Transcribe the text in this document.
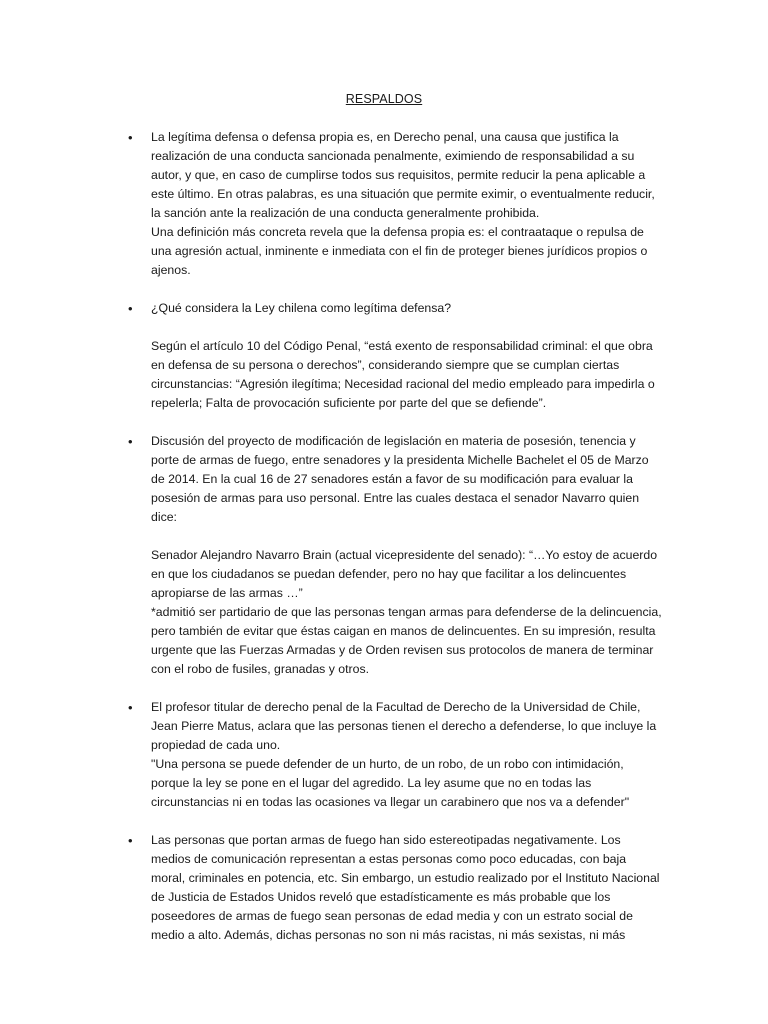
RESPALDOS
• La legítima defensa o defensa propia es, en Derecho penal, una causa que justifica la realización de una conducta sancionada penalmente, eximiendo de responsabilidad a su autor, y que, en caso de cumplirse todos sus requisitos, permite reducir la pena aplicable a este último. En otras palabras, es una situación que permite eximir, o eventualmente reducir, la sanción ante la realización de una conducta generalmente prohibida.

Una definición más concreta revela que la defensa propia es: el contraataque o repulsa de una agresión actual, inminente e inmediata con el fin de proteger bienes jurídicos propios o ajenos.

• ¿Qué considera la Ley chilena como legítima defensa?

Según el artículo 10 del Código Penal, “está exento de responsabilidad criminal: el que obra en defensa de su persona o derechos”, considerando siempre que se cumplan ciertas circunstancias: “Agresión ilegítima; Necesidad racional del medio empleado para impedirla o repelerla; Falta de provocación suficiente por parte del que se defiende”.

• Discusión del proyecto de modificación de legislación en materia de posesión, tenencia y porte de armas de fuego, entre senadores y la presidenta Michelle Bachelet el 05 de Marzo de 2014. En la cual 16 de 27 senadores están a favor de su modificación para evaluar la posesión de armas para uso personal. Entre las cuales destaca el senador Navarro quien dice:

Senador Alejandro Navarro Brain (actual vicepresidente del senado): “…Yo estoy de acuerdo en que los ciudadanos se puedan defender, pero no hay que facilitar a los delincuentes apropiarse de las armas …”

*admitió ser partidario de que las personas tengan armas para defenderse de la delincuencia, pero también de evitar que éstas caigan en manos de delincuentes. En su impresión, resulta urgente que las Fuerzas Armadas y de Orden revisen sus protocolos de manera de terminar con el robo de fusiles, granadas y otros.

• El profesor titular de derecho penal de la Facultad de Derecho de la Universidad de Chile, Jean Pierre Matus, aclara que las personas tienen el derecho a defenderse, lo que incluye la propiedad de cada uno.

"Una persona se puede defender de un hurto, de un robo, de un robo con intimidación, porque la ley se pone en el lugar del agredido. La ley asume que no en todas las circunstancias ni en todas las ocasiones va llegar un carabinero que nos va a defender"

• Las personas que portan armas de fuego han sido estereotipadas negativamente. Los medios de comunicación representan a estas personas como poco educadas, con baja moral, criminales en potencia, etc. Sin embargo, un estudio realizado por el Instituto Nacional de Justicia de Estados Unidos reveló que estadísticamente es más probable que los poseedores de armas de fuego sean personas de edad media y con un estrato social de medio a alto. Además, dichas personas no son ni más racistas, ni más sexistas, ni más
